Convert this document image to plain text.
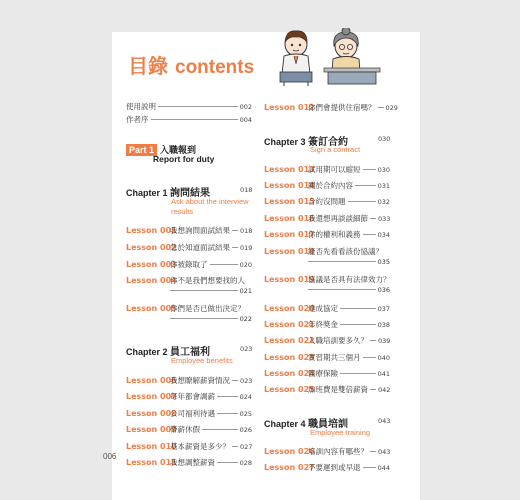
目錄 contents
使用説明	002
作者序	004
Part 1 入職報到
Report for duty
Chapter 1 詢問結果	018
Ask about the interview
results
Lesson 001
我想詢問面試結果 018
Lesson 002
急於知道面試結果 019
Lesson 003
你被錄取了	020
Lesson 004
你不是我們想要找的人
021
Lesson 005
你們是否已做出決定？
022
Chapter 2 員工福利	023
Employee benefits
Lesson 006
我想瞭解薪資情況 023
Lesson 007
每年都會調薪	024
Lesson 008
公司福利待遇	025
Lesson 009
帶薪休假	026
Lesson 010
基本薪資是多少？ 027
Lesson 011
我想調整薪資	028
Lesson 012
你們會提供住宿嗎？ 029
Chapter 3 簽訂合約	030
Sign a contract
Lesson 013
試用期可以縮短	030
Lesson 014
關於合約內容	031
Lesson 015
合約沒問題	032
Lesson 016
我還想再談談細節 033
Lesson 017
你的權利和義務	034
Lesson 018
能否先看看該份協議？
035
Lesson 019
協議是否具有法律效力？
036
Lesson 020
達成協定	037
Lesson 021
年終獎金	038
Lesson 022
入職培訓要多久？ 039
Lesson 023
實習期共三個月	040
Lesson 024
醫療保險	041
Lesson 025
加班費是雙倍薪資 042
Chapter 4 職員培訓	043
Employee training
Lesson 026
培訓內容有哪些？ 043
Lesson 027
不要遲到或早退	044
006
